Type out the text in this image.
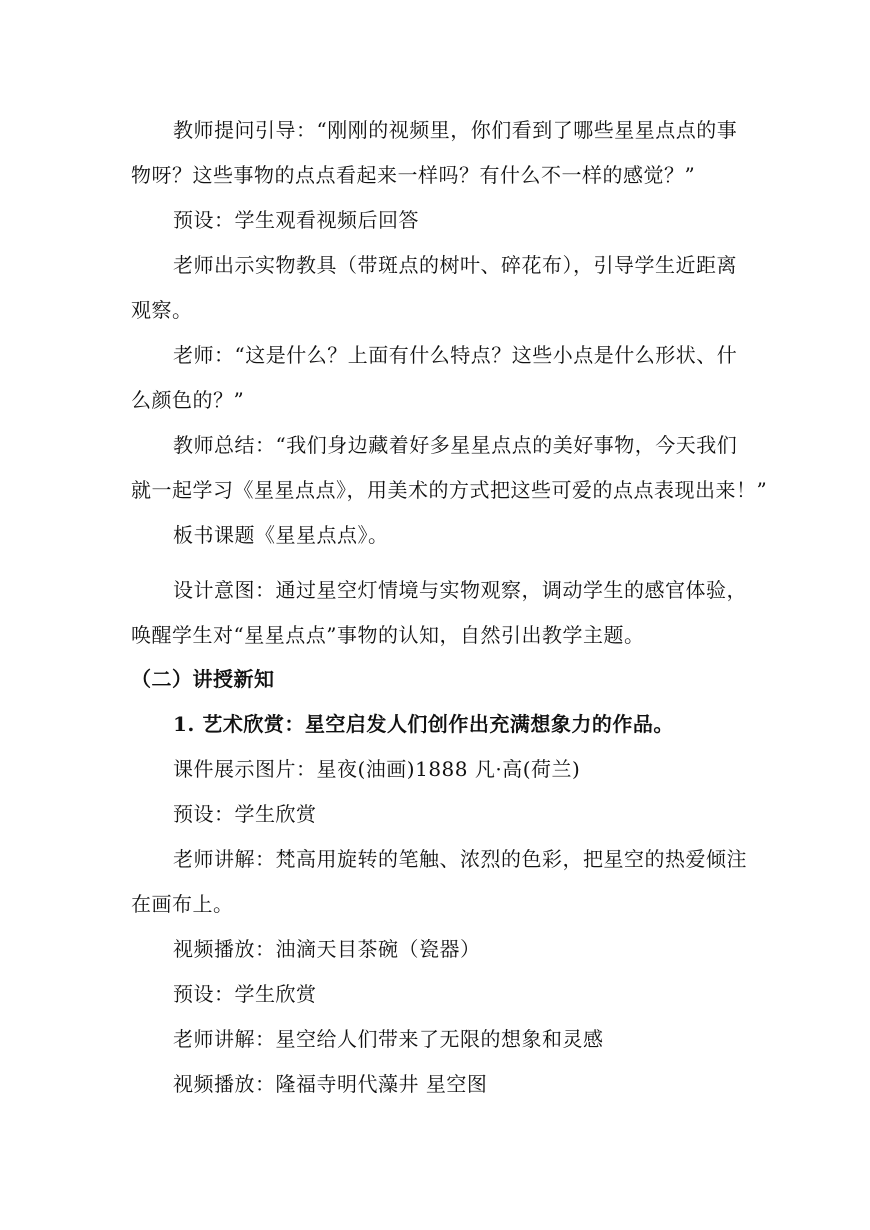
教师提问引导：“刚刚的视频里，你们看到了哪些星星点点的事
物呀？这些事物的点点看起来一样吗？有什么不一样的感觉？”
预设：学生观看视频后回答
老师出示实物教具（带斑点的树叶、碎花布），引导学生近距离
观察。
老师：“这是什么？上面有什么特点？这些小点是什么形状、什
么颜色的？”
教师总结：“我们身边藏着好多星星点点的美好事物，今天我们
就一起学习《星星点点》，用美术的方式把这些可爱的点点表现出来！”
板书课题《星星点点》。
设计意图：通过星空灯情境与实物观察，调动学生的感官体验，
唤醒学生对“星星点点”事物的认知，自然引出教学主题。
（二）讲授新知
1. 艺术欣赏：星空启发人们创作出充满想象力的作品。
课件展示图片：星夜(油画)1888 凡·高(荷兰)
预设：学生欣赏
老师讲解：梵高用旋转的笔触、浓烈的色彩，把星空的热爱倾注
在画布上。
视频播放：油滴天目茶碗（瓷器）
预设：学生欣赏
老师讲解：星空给人们带来了无限的想象和灵感
视频播放：隆福寺明代藻井 星空图
